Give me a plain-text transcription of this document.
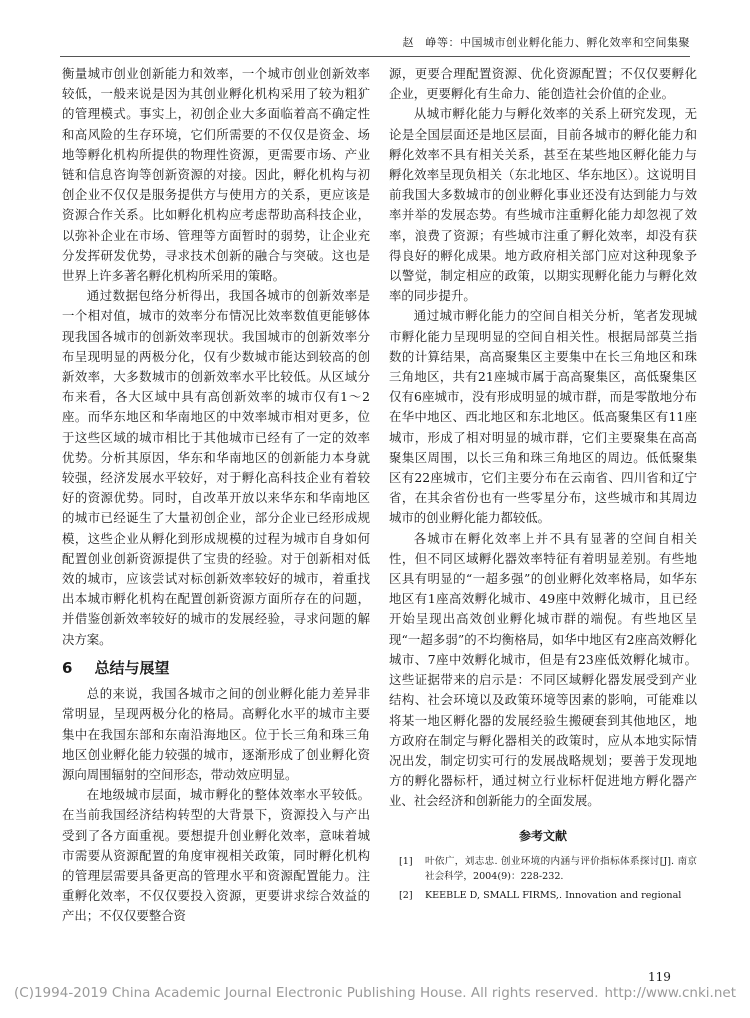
赵　峥等：中国城市创业孵化能力、孵化效率和空间集聚

衡量城市创业创新能力和效率，一个城市创业创新效率较低，一般来说是因为其创业孵化机构采用了较为粗犷的管理模式。事实上，初创企业大多面临着高不确定性和高风险的生存环境，它们所需要的不仅仅是资金、场地等孵化机构所提供的物理性资源，更需要市场、产业链和信息咨询等创新资源的对接。因此，孵化机构与初创企业不仅仅是服务提供方与使用方的关系，更应该是资源合作关系。比如孵化机构应考虑帮助高科技企业，以弥补企业在市场、管理等方面暂时的弱势，让企业充分发挥研发优势，寻求技术创新的融合与突破。这也是世界上许多著名孵化机构所采用的策略。

通过数据包络分析得出，我国各城市的创新效率是一个相对值，城市的效率分布情况比效率数值更能够体现我国各城市的创新效率现状。我国城市的创新效率分布呈现明显的两极分化，仅有少数城市能达到较高的创新效率，大多数城市的创新效率水平比较低。从区域分布来看，各大区域中具有高创新效率的城市仅有1～2座。而华东地区和华南地区的中效率城市相对更多，位于这些区域的城市相比于其他城市已经有了一定的效率优势。分析其原因，华东和华南地区的创新能力本身就较强，经济发展水平较好，对于孵化高科技企业有着较好的资源优势。同时，自改革开放以来华东和华南地区的城市已经诞生了大量初创企业，部分企业已经形成规模，这些企业从孵化到形成规模的过程为城市自身如何配置创业创新资源提供了宝贵的经验。对于创新相对低效的城市，应该尝试对标创新效率较好的城市，着重找出本城市孵化机构在配置创新资源方面所存在的问题，并借鉴创新效率较好的城市的发展经验，寻求问题的解决方案。

6 总结与展望

总的来说，我国各城市之间的创业孵化能力差异非常明显，呈现两极分化的格局。高孵化水平的城市主要集中在我国东部和东南沿海地区。位于长三角和珠三角地区创业孵化能力较强的城市，逐渐形成了创业孵化资源向周围辐射的空间形态，带动效应明显。

在地级城市层面，城市孵化的整体效率水平较低。在当前我国经济结构转型的大背景下，资源投入与产出受到了各方面重视。要想提升创业孵化效率，意味着城市需要从资源配置的角度审视相关政策，同时孵化机构的管理层需要具备更高的管理水平和资源配置能力。注重孵化效率，不仅仅要投入资源，更要讲求综合效益的产出；不仅仅要整合资

源，更要合理配置资源、优化资源配置；不仅仅要孵化企业，更要孵化有生命力、能创造社会价值的企业。

从城市孵化能力与孵化效率的关系上研究发现，无论是全国层面还是地区层面，目前各城市的孵化能力和孵化效率不具有相关关系，甚至在某些地区孵化能力与孵化效率呈现负相关（东北地区、华东地区）。这说明目前我国大多数城市的创业孵化事业还没有达到能力与效率并举的发展态势。有些城市注重孵化能力却忽视了效率，浪费了资源；有些城市注重了孵化效率，却没有获得良好的孵化成果。地方政府相关部门应对这种现象予以警觉，制定相应的政策，以期实现孵化能力与孵化效率的同步提升。

通过城市孵化能力的空间自相关分析，笔者发现城市孵化能力呈现明显的空间自相关性。根据局部莫兰指数的计算结果，高高聚集区主要集中在长三角地区和珠三角地区，共有21座城市属于高高聚集区，高低聚集区仅有6座城市，没有形成明显的城市群，而是零散地分布在华中地区、西北地区和东北地区。低高聚集区有11座城市，形成了相对明显的城市群，它们主要聚集在高高聚集区周围，以长三角和珠三角地区的周边。低低聚集区有22座城市，它们主要分布在云南省、四川省和辽宁省，在其余省份也有一些零星分布，这些城市和其周边城市的创业孵化能力都较低。

各城市在孵化效率上并不具有显著的空间自相关性，但不同区域孵化器效率特征有着明显差别。有些地区具有明显的“一超多强”的创业孵化效率格局，如华东地区有1座高效孵化城市、49座中效孵化城市，且已经开始呈现出高效创业孵化城市群的端倪。有些地区呈现“一超多弱”的不均衡格局，如华中地区有2座高效孵化城市、7座中效孵化城市，但是有23座低效孵化城市。这些证据带来的启示是：不同区域孵化器发展受到产业结构、社会环境以及政策环境等因素的影响，可能难以将某一地区孵化器的发展经验生搬硬套到其他地区，地方政府在制定与孵化器相关的政策时，应从本地实际情况出发，制定切实可行的发展战略规划；要善于发现地方的孵化器标杆，通过树立行业标杆促进地方孵化器产业、社会经济和创新能力的全面发展。

参考文献
[1]	叶依广，刘志忠. 创业环境的内涵与评价指标体系探讨[J]. 南京社会科学，2004(9)：228-232.
[2]	KEEBLE D, SMALL FIRMS,. Innovation and regional
119
(C)1994-2019 China Academic Journal Electronic Publishing House. All rights reserved. http://www.cnki.net
